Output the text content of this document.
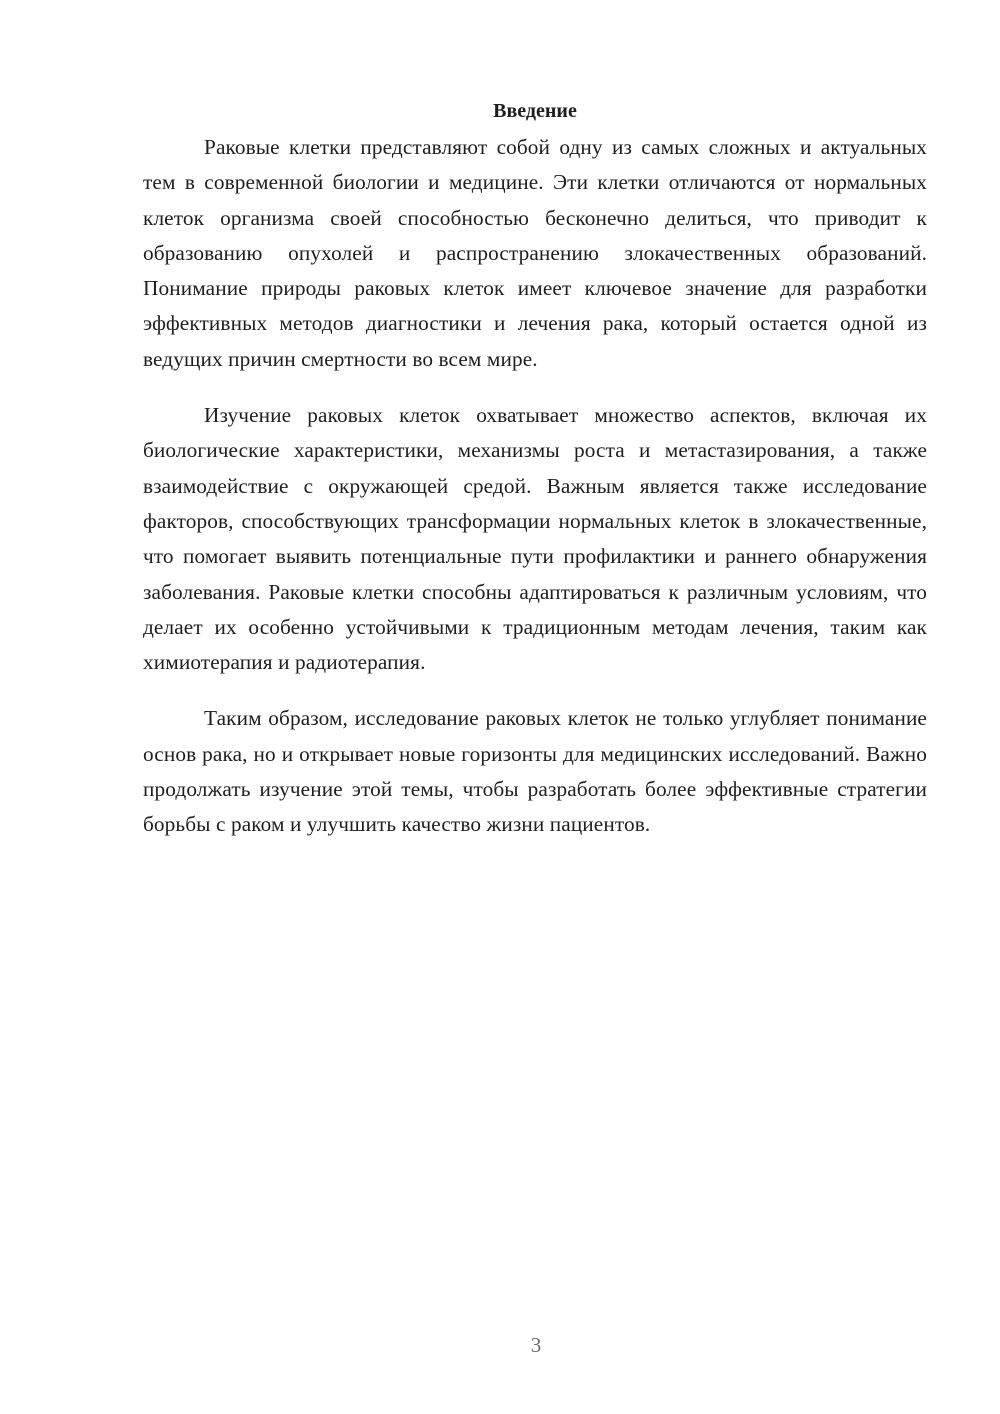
Введение

Раковые клетки представляют собой одну из самых сложных и актуальных тем в современной биологии и медицине. Эти клетки отличаются от нормальных клеток организма своей способностью бесконечно делиться, что приводит к образованию опухолей и распространению злокачественных образований. Понимание природы раковых клеток имеет ключевое значение для разработки эффективных методов диагностики и лечения рака, который остается одной из ведущих причин смертности во всем мире.

Изучение раковых клеток охватывает множество аспектов, включая их биологические характеристики, механизмы роста и метастазирования, а также взаимодействие с окружающей средой. Важным является также исследование факторов, способствующих трансформации нормальных клеток в злокачественные, что помогает выявить потенциальные пути профилактики и раннего обнаружения заболевания. Раковые клетки способны адаптироваться к различным условиям, что делает их особенно устойчивыми к традиционным методам лечения, таким как химиотерапия и радиотерапия.

Таким образом, исследование раковых клеток не только углубляет понимание основ рака, но и открывает новые горизонты для медицинских исследований. Важно продолжать изучение этой темы, чтобы разработать более эффективные стратегии борьбы с раком и улучшить качество жизни пациентов.

3
